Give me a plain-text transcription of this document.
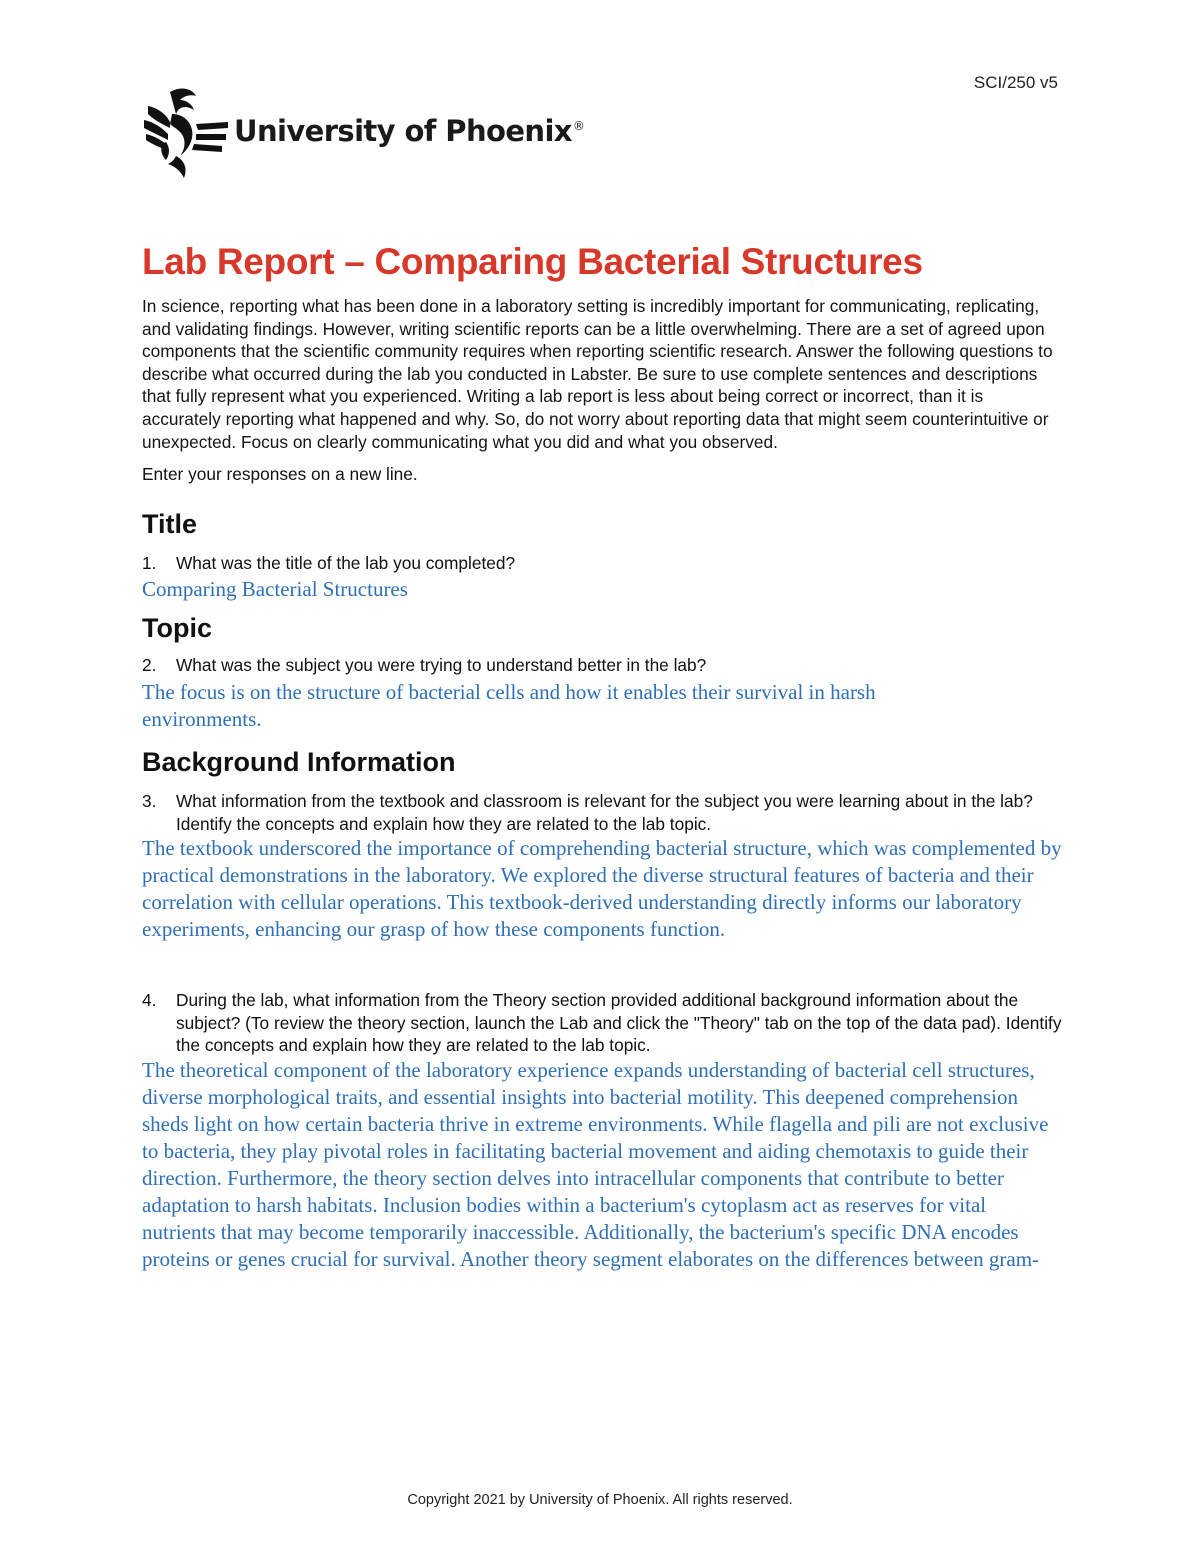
SCI/250 v5
University of Phoenix®
Lab Report – Comparing Bacterial Structures

In science, reporting what has been done in a laboratory setting is incredibly important for communicating, replicating, and validating findings. However, writing scientific reports can be a little overwhelming. There are a set of agreed upon components that the scientific community requires when reporting scientific research. Answer the following questions to describe what occurred during the lab you conducted in Labster. Be sure to use complete sentences and descriptions that fully represent what you experienced. Writing a lab report is less about being correct or incorrect, than it is accurately reporting what happened and why. So, do not worry about reporting data that might seem counterintuitive or unexpected. Focus on clearly communicating what you did and what you observed.

Enter your responses on a new line.

Title
1.	What was the title of the lab you completed?
Comparing Bacterial Structures
Topic
2.	What was the subject you were trying to understand better in the lab?
The focus is on the structure of bacterial cells and how it enables their survival in harsh environments.
Background Information
3.	What information from the textbook and classroom is relevant for the subject you were learning about in the lab? Identify the concepts and explain how they are related to the lab topic.
The textbook underscored the importance of comprehending bacterial structure, which was complemented by practical demonstrations in the laboratory. We explored the diverse structural features of bacteria and their correlation with cellular operations. This textbook-derived understanding directly informs our laboratory experiments, enhancing our grasp of how these components function.
4.	During the lab, what information from the Theory section provided additional background information about the subject? (To review the theory section, launch the Lab and click the "Theory" tab on the top of the data pad). Identify the concepts and explain how they are related to the lab topic.
The theoretical component of the laboratory experience expands understanding of bacterial cell structures, diverse morphological traits, and essential insights into bacterial motility. This deepened comprehension sheds light on how certain bacteria thrive in extreme environments. While flagella and pili are not exclusive to bacteria, they play pivotal roles in facilitating bacterial movement and aiding chemotaxis to guide their direction. Furthermore, the theory section delves into intracellular components that contribute to better adaptation to harsh habitats. Inclusion bodies within a bacterium's cytoplasm act as reserves for vital nutrients that may become temporarily inaccessible. Additionally, the bacterium's specific DNA encodes proteins or genes crucial for survival. Another theory segment elaborates on the differences between gram-
Copyright 2021 by University of Phoenix. All rights reserved.
